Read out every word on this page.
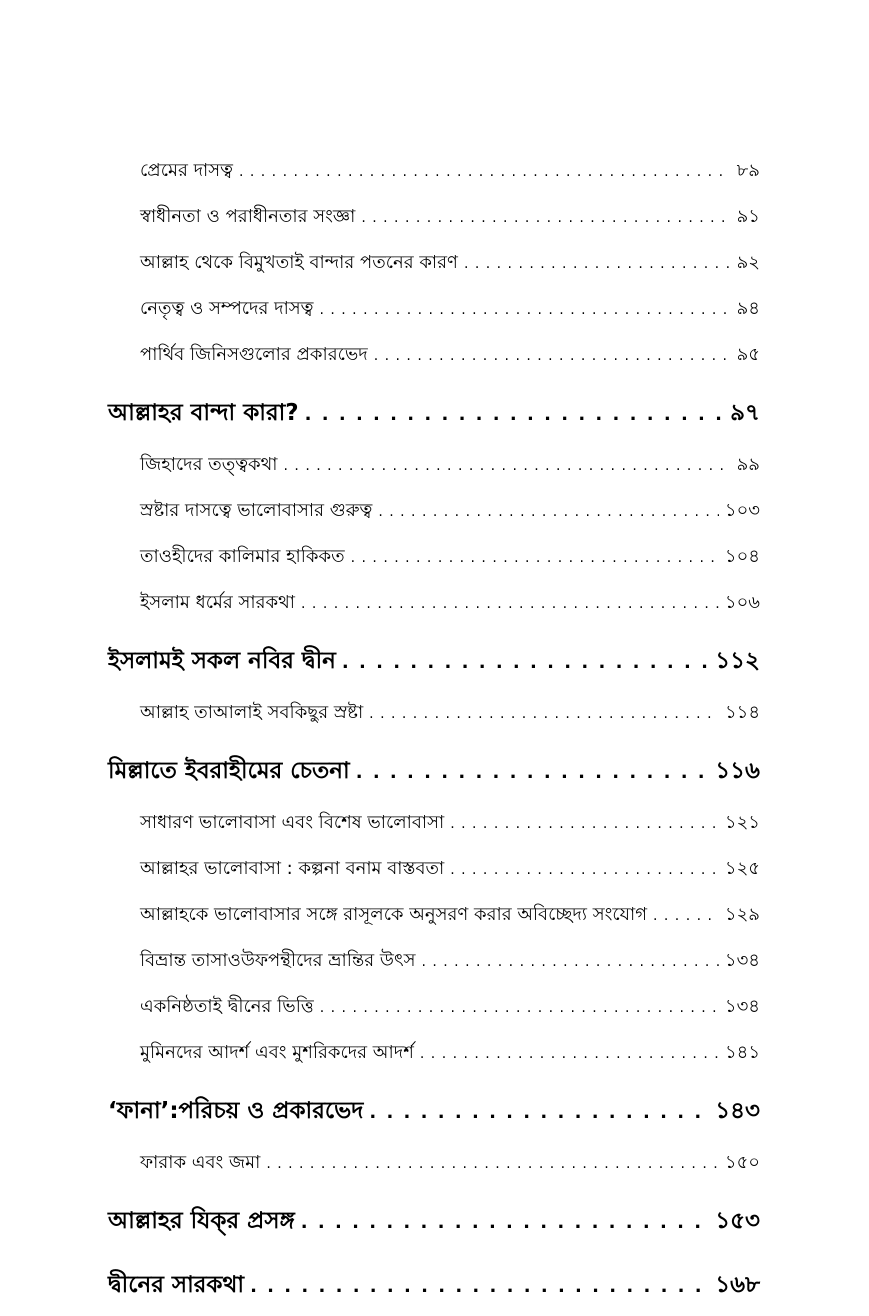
প্রেমের দাসত্ব . . .	৮৯
স্বাধীনতা ও পরাধীনতার সংজ্ঞা . . .	৯১
আল্লাহ থেকে বিমুখতাই বান্দার পতনের কারণ . . .	৯২
নেতৃত্ব ও সম্পদের দাসত্ব . . .	৯৪
পার্থিব জিনিসগুলোর প্রকারভেদ . . .	৯৫
আল্লাহর বান্দা কারা? . . .	৯৭
জিহাদের তত্ত্বকথা . . .	৯৯
স্রষ্টার দাসত্বে ভালোবাসার গুরুত্ব . . .	১০৩
তাওহীদের কালিমার হাকিকত . . .	১০৪
ইসলাম ধর্মের সারকথা . . .	১০৬
ইসলামই সকল নবির দ্বীন . . .	১১২
আল্লাহ তাআলাই সবকিছুর স্রষ্টা . . .	১১৪
মিল্লাতে ইবরাহীমের চেতনা . . .	১১৬
সাধারণ ভালোবাসা এবং বিশেষ ভালোবাসা . . .	১২১
আল্লাহর ভালোবাসা : কল্পনা বনাম বাস্তবতা . . .	১২৫
আল্লাহকে ভালোবাসার সঙ্গে রাসূলকে অনুসরণ করার অবিচ্ছেদ্য সংযোগ . . .	১২৯
বিভ্রান্ত তাসাওউফপন্থীদের ভ্রান্তির উৎস . . .	১৩৪
একনিষ্ঠতাই দ্বীনের ভিত্তি . . .	১৩৪
মুমিনদের আদর্শ এবং মুশরিকদের আদর্শ . . .	১৪১
‘ফানা’:পরিচয় ও প্রকারভেদ . . .	১৪৩
ফারাক এবং জমা . . .	১৫০
আল্লাহর যিক্‌র প্রসঙ্গ . . .	১৫৩
দ্বীনের সারকথা . . .	১৬৮
